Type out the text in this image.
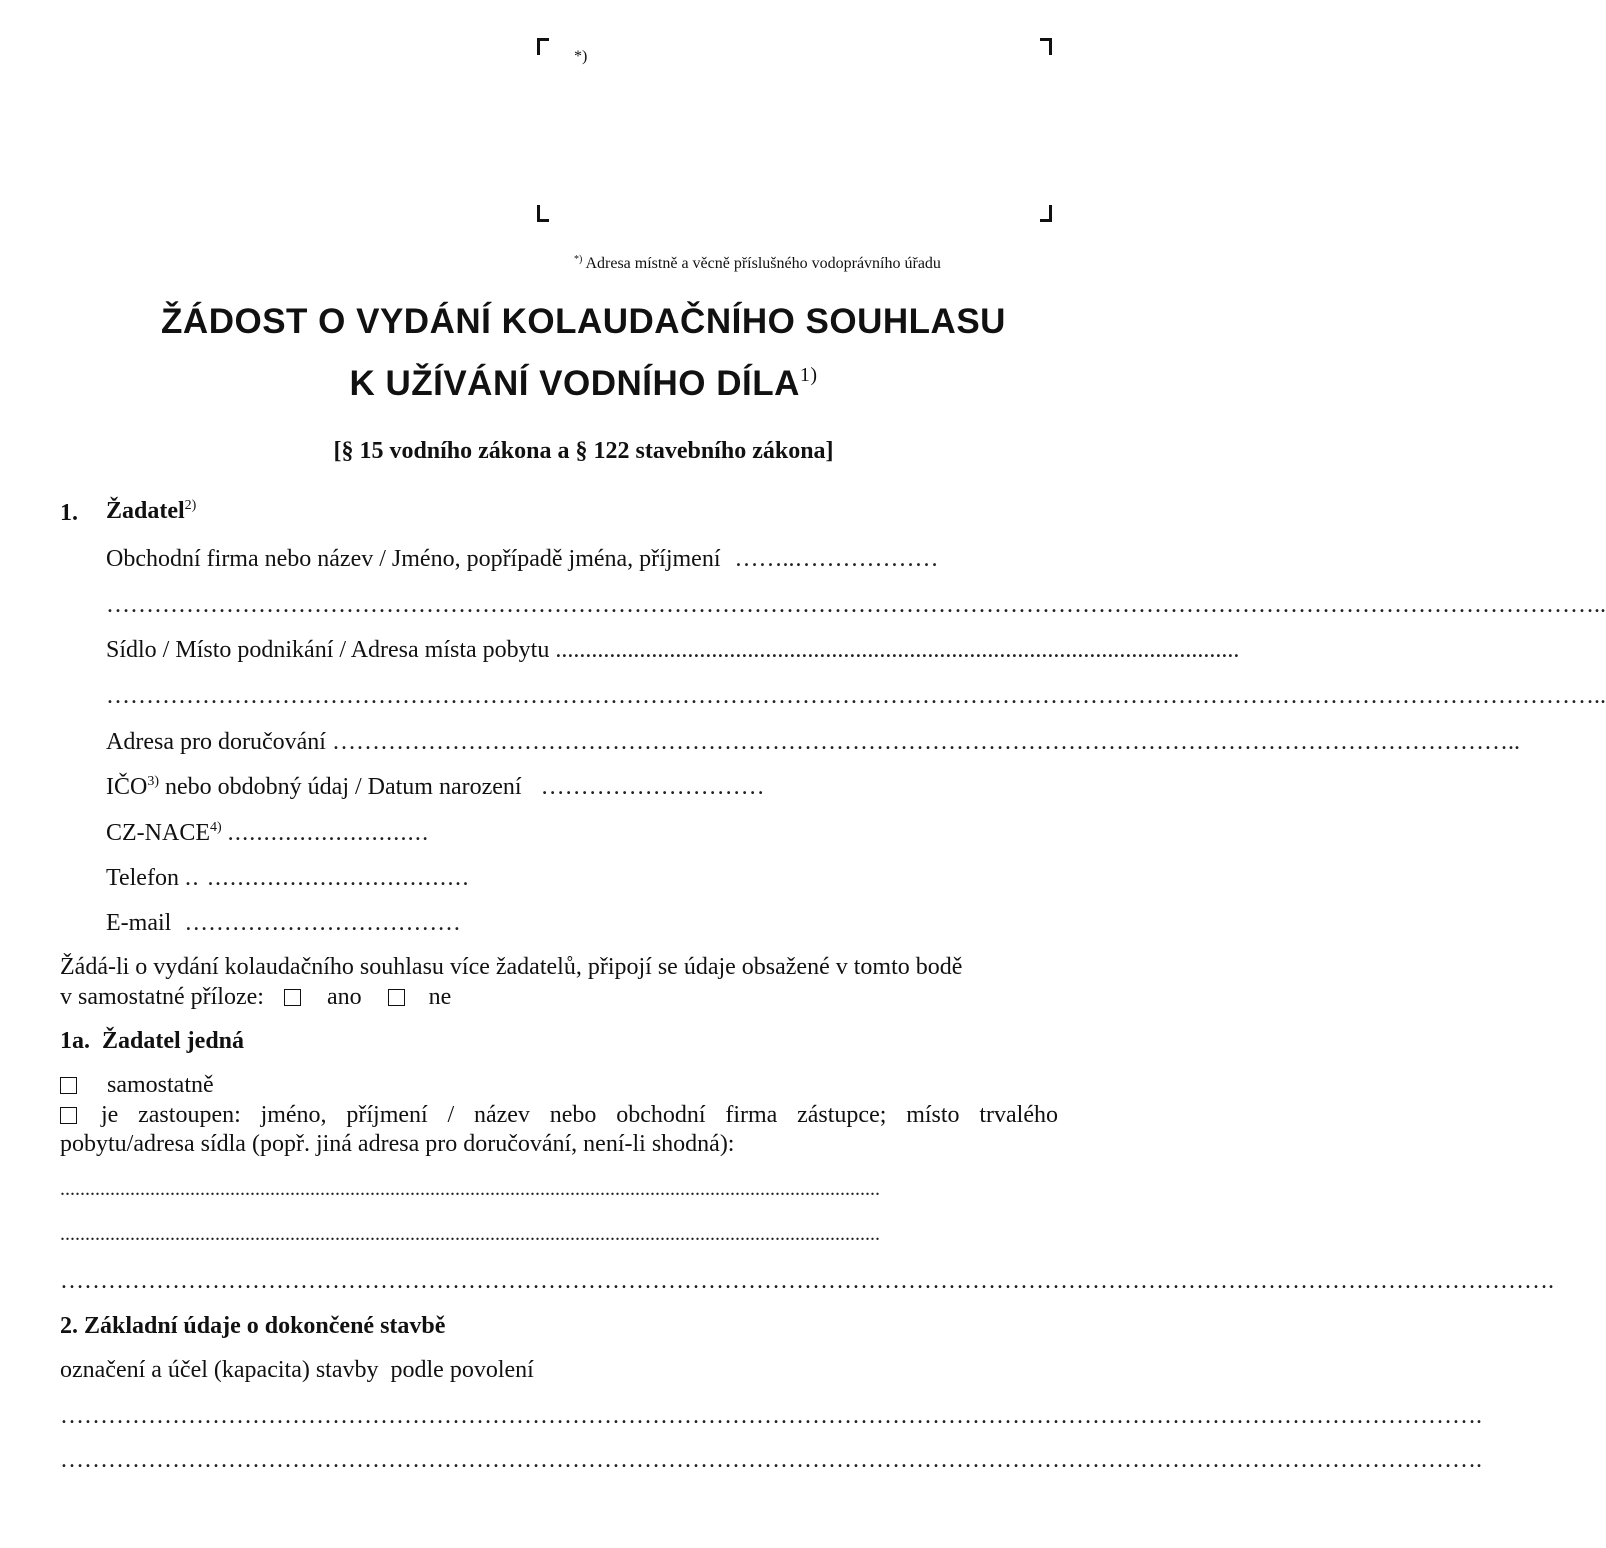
*)
*) Adresa místně a věcně příslušného vodoprávního úřadu
ŽÁDOST O VYDÁNÍ KOLAUDAČNÍHO SOUHLASU
K UŽÍVÁNÍ VODNÍHO DÍLA$^{1)}$
[§ 15 vodního zákona a § 122 stavebního zákona]
1. Žadatel$^{2)}$
Obchodní firma nebo název / Jméno, popřípadě jména, příjmení ……..………………
……………………………………………………………………………………………………………………………………………………………………..
Sídlo / Místo podnikání / Adresa místa pobytu ..................................................................................................................
……………………………………………………………………………………………………………………………………………………………………..
Adresa pro doručování …………………………………………………………………………………………………………………………………..
IČO$^{3)}$ nebo obdobný údaj / Datum narození ............................
CZ-NACE$^{4)}$ ............................
Telefon .. ...................................
E-mail ...................................
Žádá-li o vydání kolaudačního souhlasu více žadatelů, připojí se údaje obsažené v tomto bodě
v samostatné příloze:	ano	ne
1a.  Žadatel jedná
samostatně
je zastoupen: jméno, příjmení / název nebo obchodní firma zástupce; místo trvalého
pobytu/adresa sídla (popř. jiná adresa pro doručování, není-li shodná):
....................................................................................................................................................................
....................................................................................................................................................................
…………………………………………………………………………………………………………………………………………………………………….
2. Základní údaje o dokončené stavbě
označení a účel (kapacita) stavby  podle povolení
…………………………………………………………………………………………………………………………………………………………….
…………………………………………………………………………………………………………………………………………………………….
